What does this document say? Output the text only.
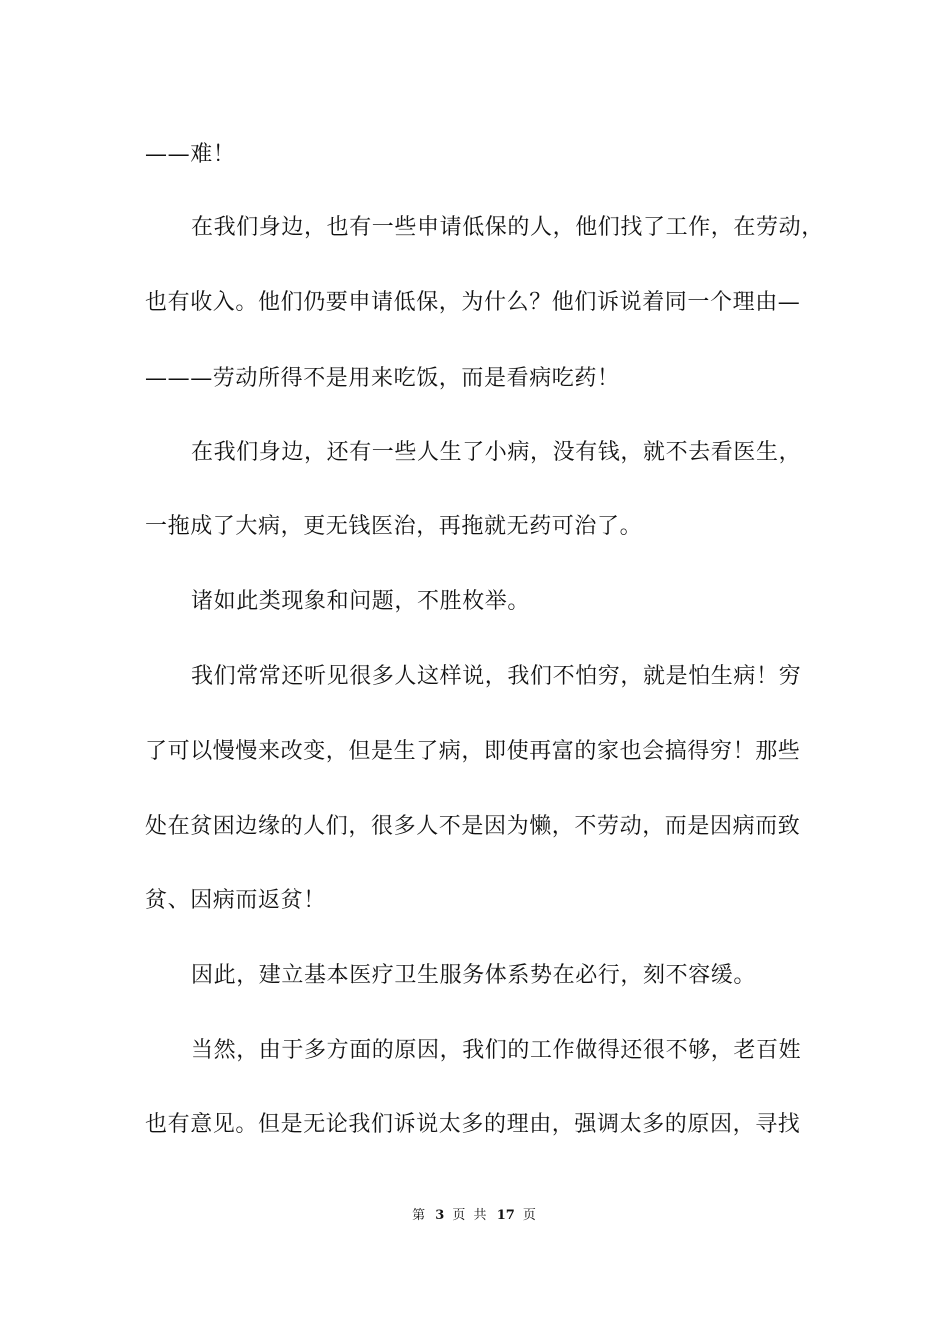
——难！
在我们身边，也有一些申请低保的人，他们找了工作，在劳动，
也有收入。他们仍要申请低保，为什么？他们诉说着同一个理由—
———劳动所得不是用来吃饭，而是看病吃药！
在我们身边，还有一些人生了小病，没有钱，就不去看医生，
一拖成了大病，更无钱医治，再拖就无药可治了。
诸如此类现象和问题，不胜枚举。
我们常常还听见很多人这样说，我们不怕穷，就是怕生病！穷
了可以慢慢来改变，但是生了病，即使再富的家也会搞得穷！那些
处在贫困边缘的人们，很多人不是因为懒，不劳动，而是因病而致
贫、因病而返贫！
因此，建立基本医疗卫生服务体系势在必行，刻不容缓。
当然，由于多方面的原因，我们的工作做得还很不够，老百姓
也有意见。但是无论我们诉说太多的理由，强调太多的原因，寻找
第 3 页 共 17 页
